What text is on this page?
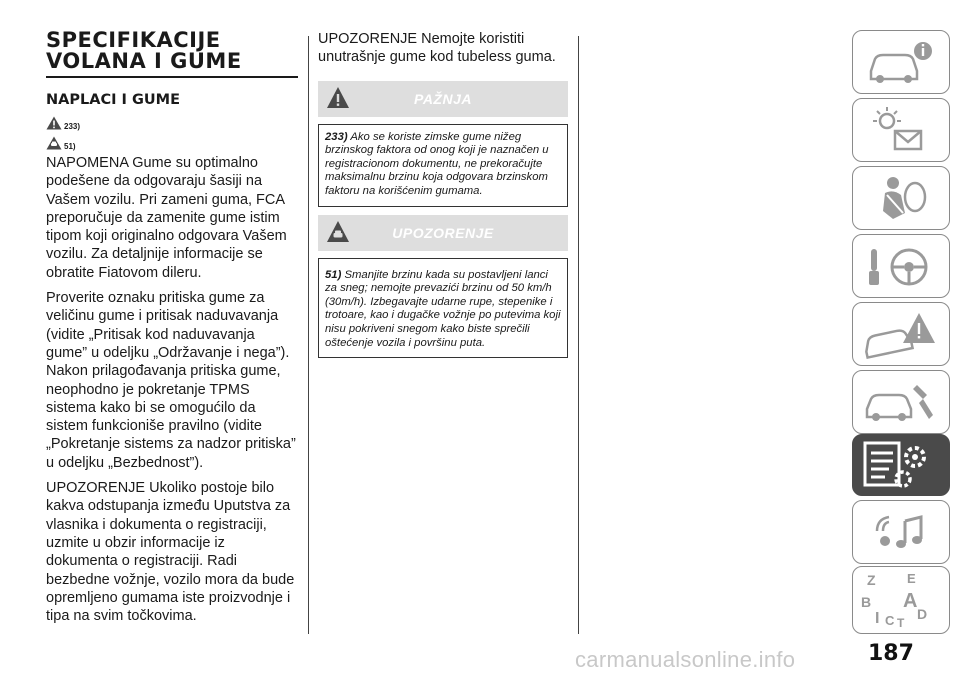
SPECIFIKACIJE
VOLANA I GUME
NAPLACI I GUME
233)
51)

NAPOMENA Gume su optimalno podešene da odgovaraju šasiji na Vašem vozilu. Pri zameni guma, FCA preporučuje da zamenite gume istim tipom koji originalno odgovara Vašem vozilu. Za detaljnije informacije se obratite Fiatovom dileru.

Proverite oznaku pritiska gume za veličinu gume i pritisak naduvavanja (vidite „Pritisak kod naduvavanja gume” u odeljku „Održavanje i nega”). Nakon prilagođavanja pritiska gume, neophodno je pokretanje TPMS sistema kako bi se omogućilo da sistem funkcioniše pravilno (vidite „Pokretanje sistems za nadzor pritiska” u odeljku „Bezbednost”).

UPOZORENJE Ukoliko postoje bilo kakva odstupanja između Uputstva za vlasnika i dokumenta o registraciji, uzmite u obzir informacije iz dokumenta o registraciji. Radi bezbedne vožnje, vozilo mora da bude opremljeno gumama iste proizvodnje i tipa na svim točkovima.

UPOZORENJE Nemojte koristiti unutrašnje gume kod tubeless guma.

PAŽNJA
233) Ako se koriste zimske gume nižeg brzinskog faktora od onog koji je naznačen u registracionom dokumentu, ne prekoračujte maksimalnu brzinu koja odgovara brzinskom faktoru na korišćenim gumama.
UPOZORENJE
51) Smanjite brzinu kada su postavljeni lanci za sneg; nemojte prevazići brzinu od 50 km/h (30m/h). Izbegavajte udarne rupe, stepenike i trotoare, kao i dugačke vožnje po putevima koji nisu pokriveni snegom kako biste sprečili oštećenje vozila i površinu puta.
Z E
B A
I C T
D
187
carmanualsonline.info
